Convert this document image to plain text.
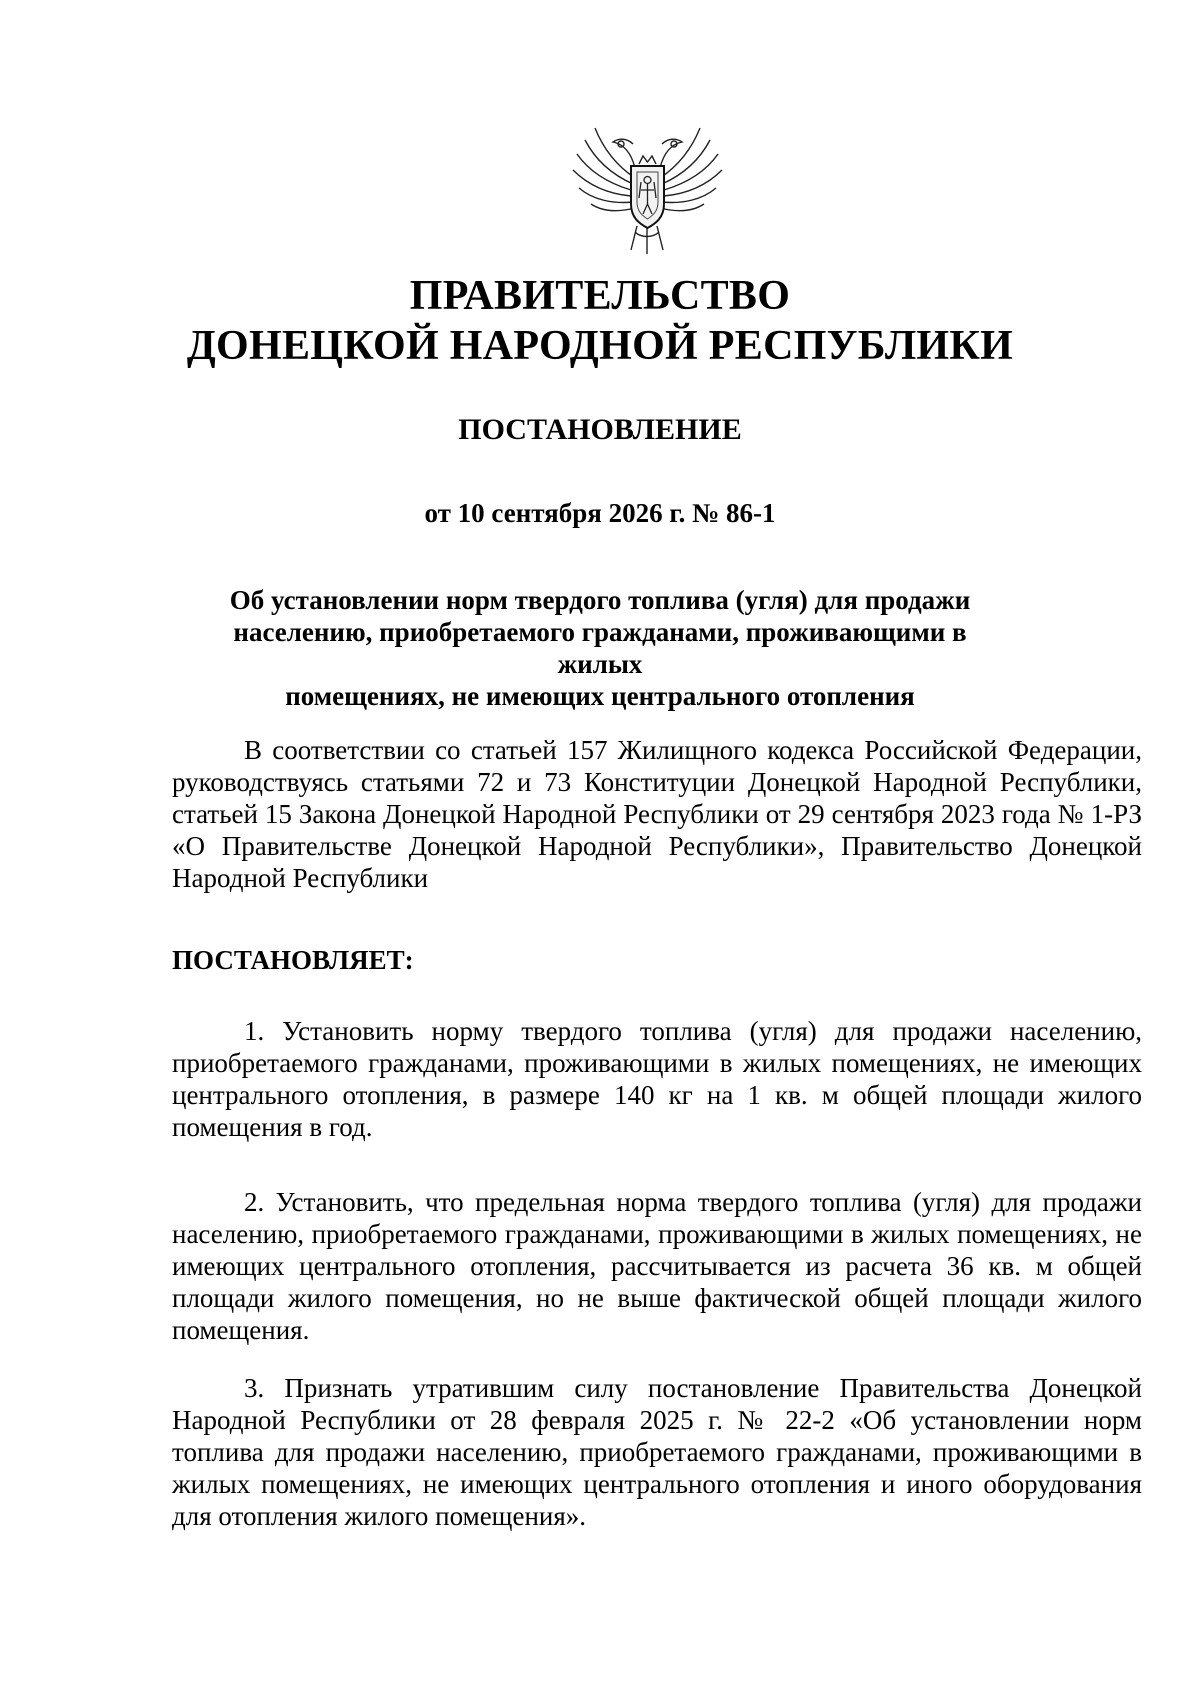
ПРАВИТЕЛЬСТВО
ДОНЕЦКОЙ НАРОДНОЙ РЕСПУБЛИКИ
ПОСТАНОВЛЕНИЕ
от 10 сентября 2026 г. № 86-1
Об установлении норм твердого топлива (угля) для продажи
населению, приобретаемого гражданами, проживающими в жилых
помещениях, не имеющих центрального отопления
В соответствии со статьей 157 Жилищного кодекса Российской Федерации, руководствуясь статьями 72 и 73 Конституции Донецкой Народной Республики, статьей 15 Закона Донецкой Народной Республики от 29 сентября 2023 года № 1-РЗ «О Правительстве Донецкой Народной Республики», Правительство Донецкой Народной Республики
ПОСТАНОВЛЯЕТ:
1. Установить норму твердого топлива (угля) для продажи населению, приобретаемого гражданами, проживающими в жилых помещениях, не имеющих центрального отопления, в размере 140 кг на 1 кв. м общей площади жилого помещения в год.
2. Установить, что предельная норма твердого топлива (угля) для продажи населению, приобретаемого гражданами, проживающими в жилых помещениях, не имеющих центрального отопления, рассчитывается из расчета 36 кв. м общей площади жилого помещения, но не выше фактической общей площади жилого помещения.
3. Признать утратившим силу постановление Правительства Донецкой Народной Республики от 28 февраля 2025 г. № 22-2 «Об установлении норм топлива для продажи населению, приобретаемого гражданами, проживающими в жилых помещениях, не имеющих центрального отопления и иного оборудования для отопления жилого помещения».
